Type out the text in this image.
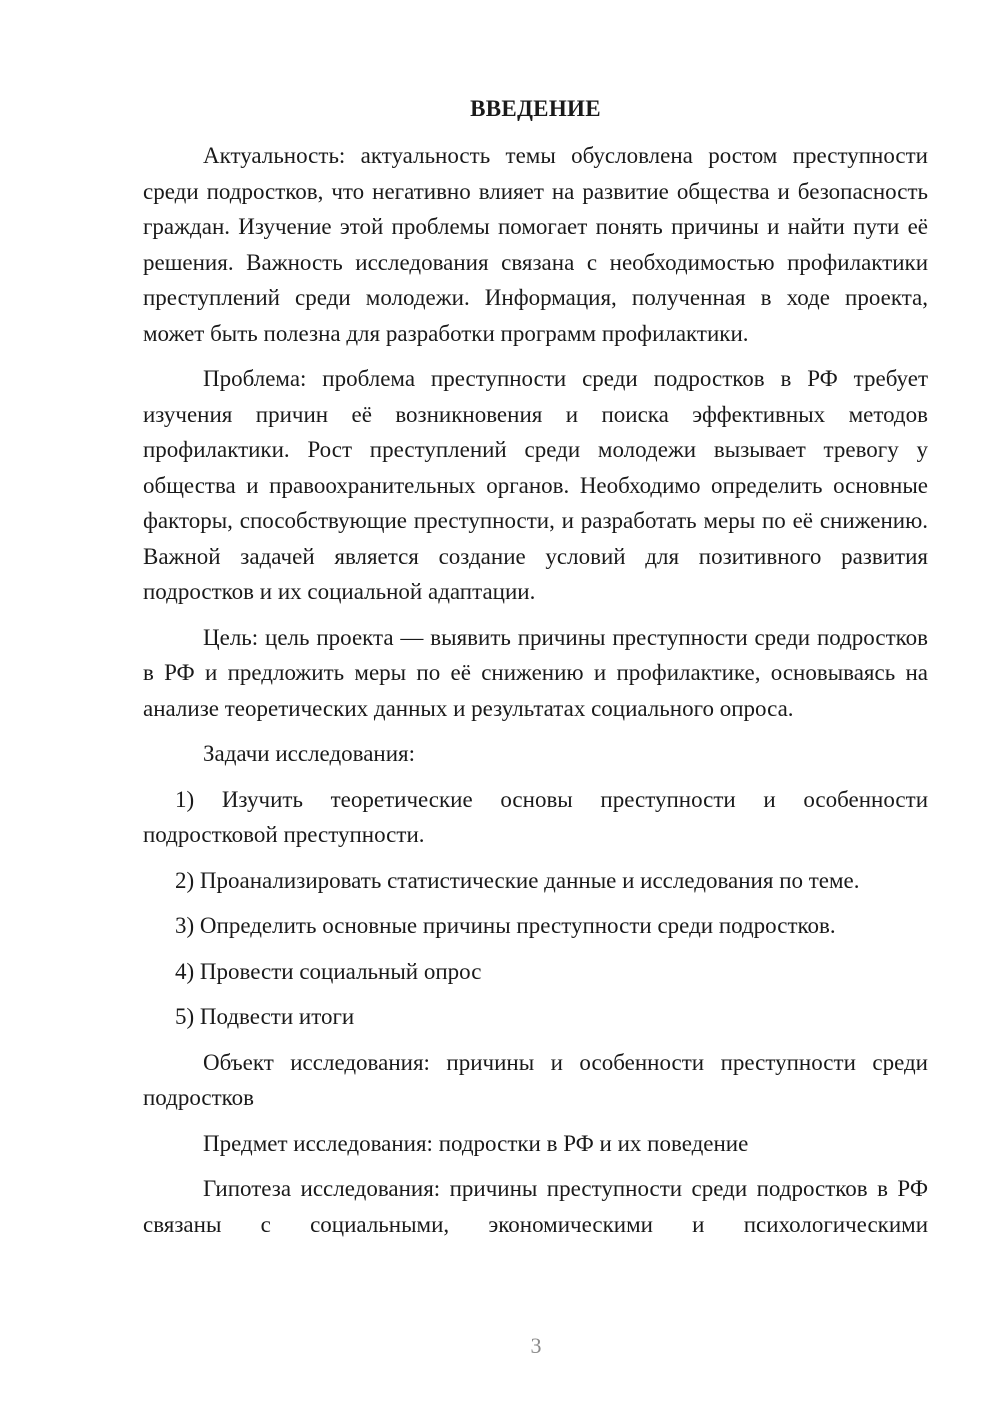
ВВЕДЕНИЕ
Актуальность: актуальность темы обусловлена ростом преступности среди подростков, что негативно влияет на развитие общества и безопасность граждан. Изучение этой проблемы помогает понять причины и найти пути её решения. Важность исследования связана с необходимостью профилактики преступлений среди молодежи. Информация, полученная в ходе проекта, может быть полезна для разработки программ профилактики.
Проблема: проблема преступности среди подростков в РФ требует изучения причин её возникновения и поиска эффективных методов профилактики. Рост преступлений среди молодежи вызывает тревогу у общества и правоохранительных органов. Необходимо определить основные факторы, способствующие преступности, и разработать меры по её снижению. Важной задачей является создание условий для позитивного развития подростков и их социальной адаптации.
Цель: цель проекта — выявить причины преступности среди подростков в РФ и предложить меры по её снижению и профилактике, основываясь на анализе теоретических данных и результатах социального опроса.
Задачи исследования:
1) Изучить теоретические основы преступности и особенности подростковой преступности.
2) Проанализировать статистические данные и исследования по теме.
3) Определить основные причины преступности среди подростков.
4) Провести социальный опрос
5) Подвести итоги
Объект исследования: причины и особенности преступности среди подростков
Предмет исследования: подростки в РФ и их поведение
Гипотеза исследования: причины преступности среди подростков в РФ связаны с социальными, экономическими и психологическими
3
